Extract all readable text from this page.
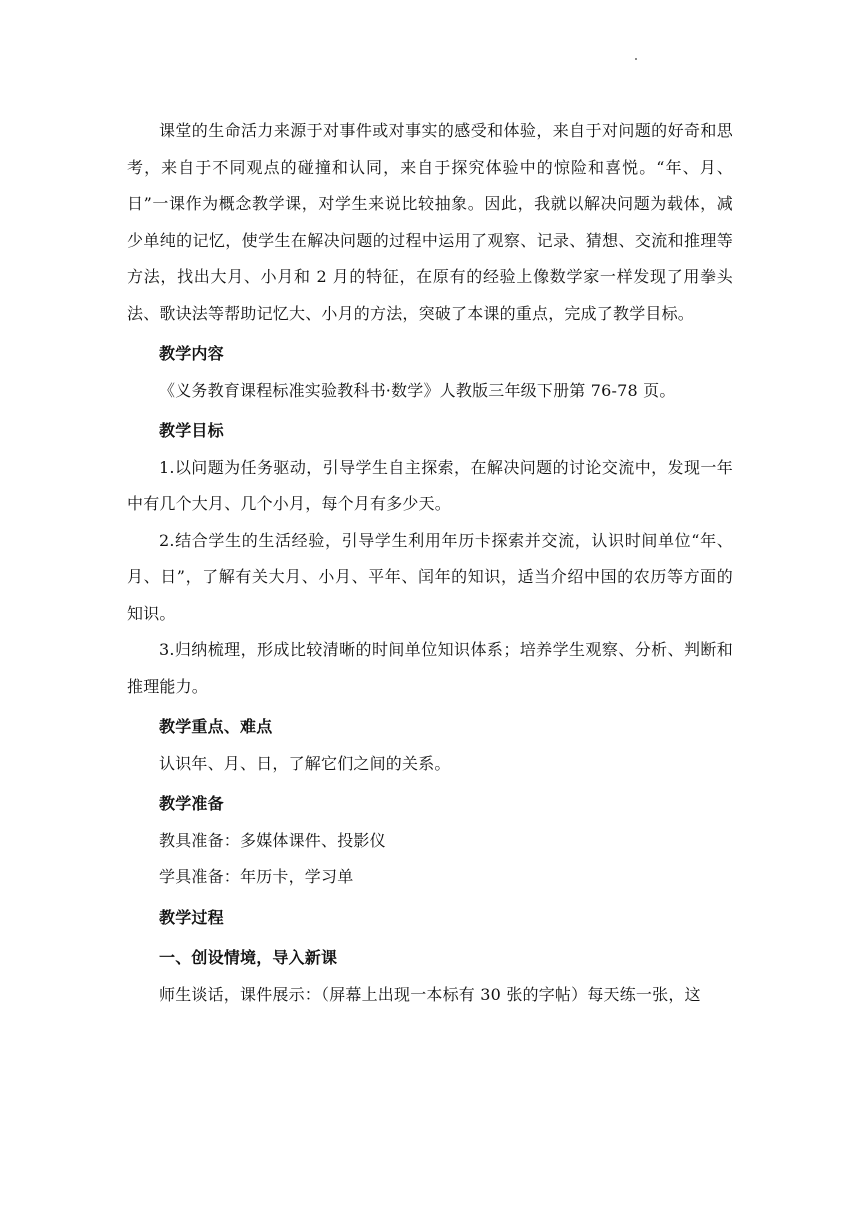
课堂的生命活力来源于对事件或对事实的感受和体验，来自于对问题的好奇和思考，来自于不同观点的碰撞和认同，来自于探究体验中的惊险和喜悦。“年、月、日”一课作为概念教学课，对学生来说比较抽象。因此，我就以解决问题为载体，减少单纯的记忆，使学生在解决问题的过程中运用了观察、记录、猜想、交流和推理等方法，找出大月、小月和 2 月的特征，在原有的经验上像数学家一样发现了用拳头法、歌诀法等帮助记忆大、小月的方法，突破了本课的重点，完成了教学目标。

教学内容

《义务教育课程标准实验教科书·数学》人教版三年级下册第 76-78 页。

教学目标

1.以问题为任务驱动，引导学生自主探索，在解决问题的讨论交流中，发现一年中有几个大月、几个小月，每个月有多少天。

2.结合学生的生活经验，引导学生利用年历卡探索并交流，认识时间单位“年、月、日”，了解有关大月、小月、平年、闰年的知识，适当介绍中国的农历等方面的知识。

3.归纳梳理，形成比较清晰的时间单位知识体系；培养学生观察、分析、判断和推理能力。

教学重点、难点

认识年、月、日，了解它们之间的关系。

教学准备

教具准备：多媒体课件、投影仪

学具准备：年历卡，学习单

教学过程

一、创设情境，导入新课

师生谈话，课件展示：（屏幕上出现一本标有 30 张的字帖）每天练一张，这
